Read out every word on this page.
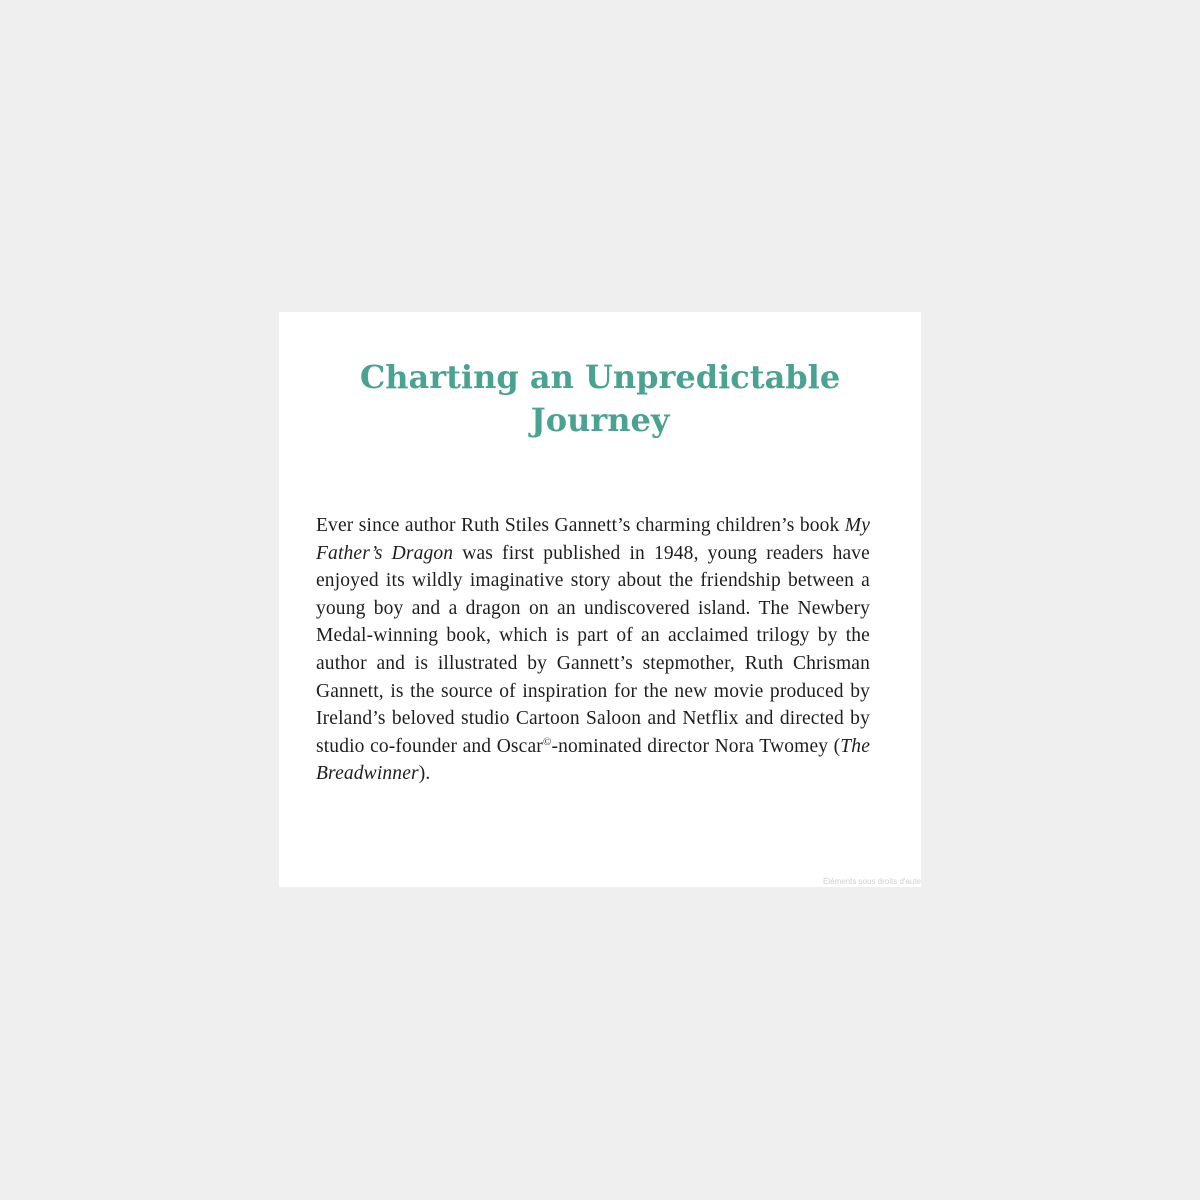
Charting an Unpredictable
Journey

Ever since author Ruth Stiles Gannett’s charming children’s book My Father’s Dragon was first published in 1948, young readers have enjoyed its wildly imaginative story about the friendship between a young boy and a dragon on an undiscovered island. The Newbery Medal-winning book, which is part of an acclaimed trilogy by the author and is illustrated by Gannett’s stepmother, Ruth Chrisman Gannett, is the source of inspiration for the new movie produced by Ireland’s beloved studio Cartoon Saloon and Netflix and directed by studio co-founder and Oscar©-nominated director Nora Twomey (The Breadwinner).

Éléments sous droits d'aute
